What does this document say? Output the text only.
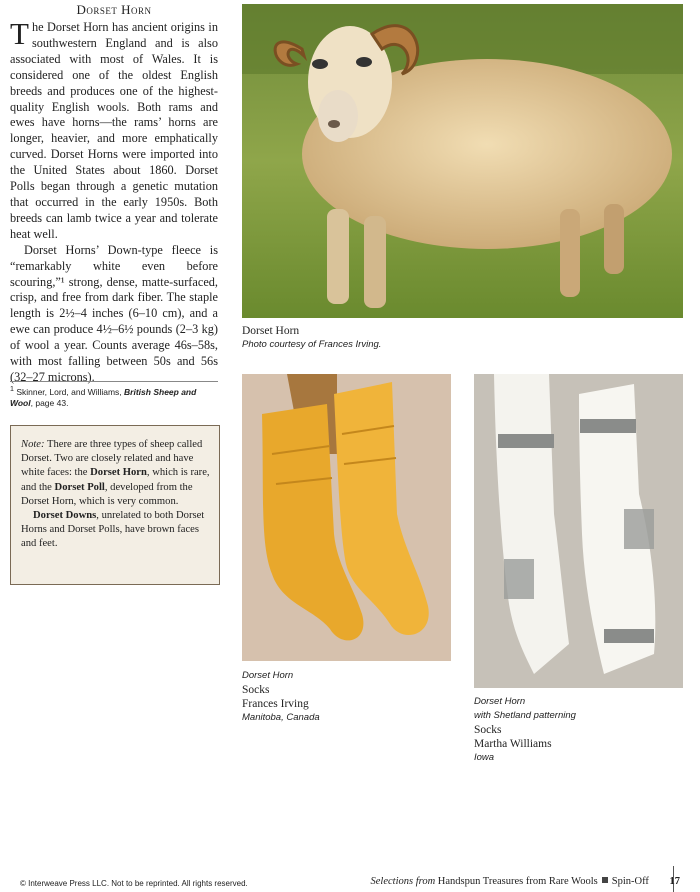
Dorset Horn

The Dorset Horn has ancient origins in southwestern England and is also associated with most of Wales. It is considered one of the oldest English breeds and produces one of the highest-quality English wools. Both rams and ewes have horns—the rams’ horns are longer, heavier, and more emphatically curved. Dorset Horns were imported into the United States about 1860. Dorset Polls began through a genetic mutation that occurred in the early 1950s. Both breeds can lamb twice a year and tolerate heat well.

Dorset Horns’ Down-type fleece is “remarkably white even before scouring,”¹ strong, dense, matte-surfaced, crisp, and free from dark fiber. The staple length is 2½–4 inches (6–10 cm), and a ewe can produce 4½–6½ pounds (2–3 kg) of wool a year. Counts average 46s–58s, with most falling between 50s and 56s (32–27 microns).

$^1$ Skinner, Lord, and Williams, British Sheep and Wool, page 43.

Note: There are three types of sheep called Dorset. Two are closely related and have white faces: the Dorset Horn, which is rare, and the Dorset Poll, developed from the Dorset Horn, which is very common.

Dorset Downs, unrelated to both Dorset Horns and Dorset Polls, have brown faces and feet.

Dorset Horn
Photo courtesy of Frances Irving.
Dorset Horn
Socks
Frances Irving
Manitoba, Canada
Dorset Horn
with Shetland patterning
Socks
Martha Williams
Iowa
© Interweave Press LLC. Not to be reprinted. All rights reserved.	Selections from Handspun Treasures from Rare Wools Spin-Off 17
